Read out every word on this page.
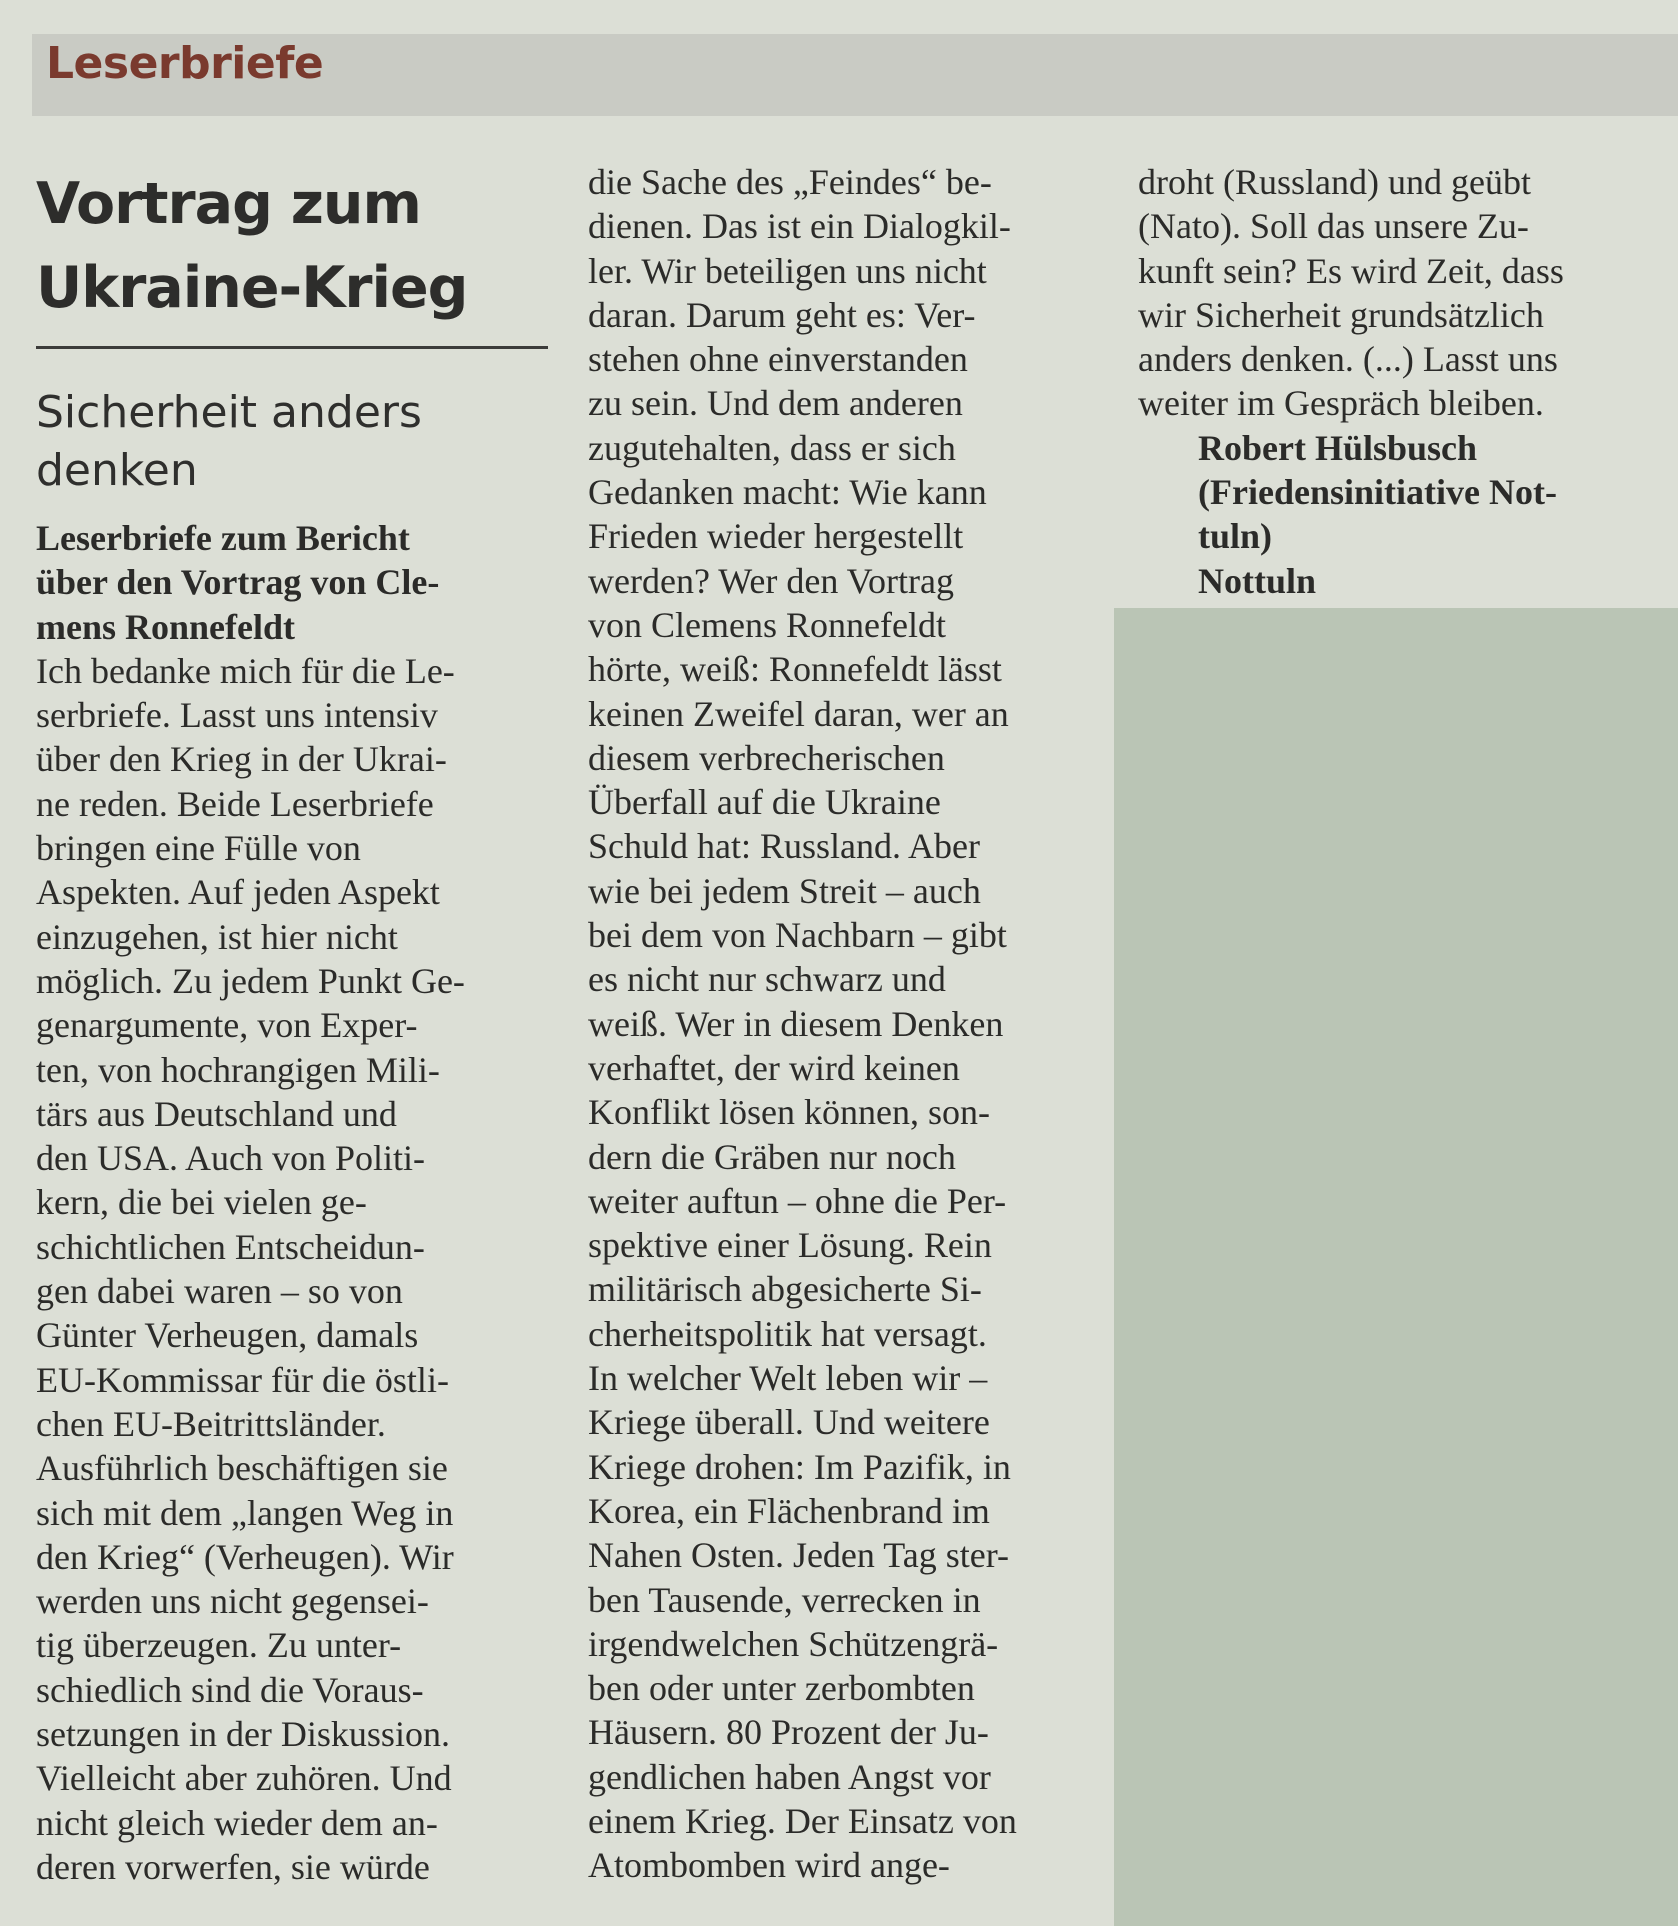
Leserbriefe
Vortrag zum
Ukraine-Krieg
Sicherheit anders
denken
Leserbriefe zum Bericht
über den Vortrag von Cle-
mens Ronnefeldt
Ich bedanke mich für die Le-
serbriefe. Lasst uns intensiv
über den Krieg in der Ukrai-
ne reden. Beide Leserbriefe
bringen eine Fülle von
Aspekten. Auf jeden Aspekt
einzugehen, ist hier nicht
möglich. Zu jedem Punkt Ge-
genargumente, von Exper-
ten, von hochrangigen Mili-
tärs aus Deutschland und
den USA. Auch von Politi-
kern, die bei vielen ge-
schichtlichen Entscheidun-
gen dabei waren – so von
Günter Verheugen, damals
EU-Kommissar für die östli-
chen EU-Beitrittsländer.
Ausführlich beschäftigen sie
sich mit dem „langen Weg in
den Krieg“ (Verheugen). Wir
werden uns nicht gegensei-
tig überzeugen. Zu unter-
schiedlich sind die Voraus-
setzungen in der Diskussion.
Vielleicht aber zuhören. Und
nicht gleich wieder dem an-
deren vorwerfen, sie würde
die Sache des „Feindes“ be-
dienen. Das ist ein Dialogkil-
ler. Wir beteiligen uns nicht
daran. Darum geht es: Ver-
stehen ohne einverstanden
zu sein. Und dem anderen
zugutehalten, dass er sich
Gedanken macht: Wie kann
Frieden wieder hergestellt
werden? Wer den Vortrag
von Clemens Ronnefeldt
hörte, weiß: Ronnefeldt lässt
keinen Zweifel daran, wer an
diesem verbrecherischen
Überfall auf die Ukraine
Schuld hat: Russland. Aber
wie bei jedem Streit – auch
bei dem von Nachbarn – gibt
es nicht nur schwarz und
weiß. Wer in diesem Denken
verhaftet, der wird keinen
Konflikt lösen können, son-
dern die Gräben nur noch
weiter auftun – ohne die Per-
spektive einer Lösung. Rein
militärisch abgesicherte Si-
cherheitspolitik hat versagt.
In welcher Welt leben wir –
Kriege überall. Und weitere
Kriege drohen: Im Pazifik, in
Korea, ein Flächenbrand im
Nahen Osten. Jeden Tag ster-
ben Tausende, verrecken in
irgendwelchen Schützengrä-
ben oder unter zerbombten
Häusern. 80 Prozent der Ju-
gendlichen haben Angst vor
einem Krieg. Der Einsatz von
Atombomben wird ange-
droht (Russland) und geübt
(Nato). Soll das unsere Zu-
kunft sein? Es wird Zeit, dass
wir Sicherheit grundsätzlich
anders denken. (...) Lasst uns
weiter im Gespräch bleiben.
Robert Hülsbusch
(Friedensinitiative Not-
tuln)
Nottuln
